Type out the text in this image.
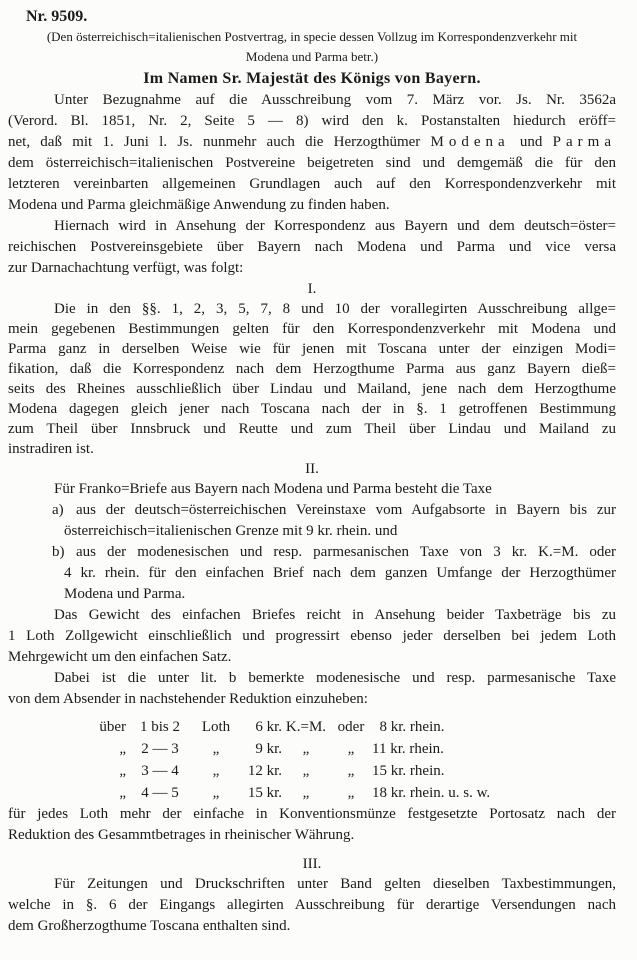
Nr. 9509.
(Den österreichisch=italienischen Postvertrag, in specie dessen Vollzug im Korrespondenzverkehr mit
Modena und Parma betr.)
Im Namen Sr. Majestät des Königs von Bayern.
Unter Bezugnahme auf die Ausschreibung vom 7. März vor. Js. Nr. 3562a
(Verord. Bl. 1851, Nr. 2, Seite 5 — 8) wird den k. Postanstalten hiedurch eröff=
net, daß mit 1. Juni l. Js. nunmehr auch die Herzogthümer Modena und Parma
dem österreichisch=italienischen Postvereine beigetreten sind und demgemäß die für den
letzteren vereinbarten allgemeinen Grundlagen auch auf den Korrespondenzverkehr mit
Modena und Parma gleichmäßige Anwendung zu finden haben.
Hiernach wird in Ansehung der Korrespondenz aus Bayern und dem deutsch=öster=
reichischen Postvereinsgebiete über Bayern nach Modena und Parma und vice versa
zur Darnachachtung verfügt, was folgt:
I.
Die in den §§. 1, 2, 3, 5, 7, 8 und 10 der vorallegirten Ausschreibung allge=
mein gegebenen Bestimmungen gelten für den Korrespondenzverkehr mit Modena und
Parma ganz in derselben Weise wie für jenen mit Toscana unter der einzigen Modi=
fikation, daß die Korrespondenz nach dem Herzogthume Parma aus ganz Bayern dieß=
seits des Rheines ausschließlich über Lindau und Mailand, jene nach dem Herzogthume
Modena dagegen gleich jener nach Toscana nach der in §. 1 getroffenen Bestimmung
zum Theil über Innsbruck und Reutte und zum Theil über Lindau und Mailand zu
instradiren ist.
II.
Für Franko=Briefe aus Bayern nach Modena und Parma besteht die Taxe
a) aus der deutsch=österreichischen Vereinstaxe vom Aufgabsorte in Bayern bis zur
österreichisch=italienischen Grenze mit 9 kr. rhein. und
b) aus der modenesischen und resp. parmesanischen Taxe von 3 kr. K.=M. oder
4 kr. rhein. für den einfachen Brief nach dem ganzen Umfange der Herzogthümer
Modena und Parma.
Das Gewicht des einfachen Briefes reicht in Ansehung beider Taxbeträge bis zu
1 Loth Zollgewicht einschließlich und progressirt ebenso jeder derselben bei jedem Loth
Mehrgewicht um den einfachen Satz.
Dabei ist die unter lit. b bemerkte modenesische und resp. parmesanische Taxe
von dem Absender in nachstehender Reduktion einzuheben:
über 1 bis 2	Loth	6 kr. K.=M. oder 8 kr. rhein.
„	2 — 3	„	9 kr.	„	„	11 kr. rhein.
„	3 — 4	„	12 kr.	„	„	15 kr. rhein.
„	4 — 5	„	15 kr.	„	„	18 kr. rhein. u. s. w.
für jedes Loth mehr der einfache in Konventionsmünze festgesetzte Portosatz nach der
Reduktion des Gesammtbetrages in rheinischer Währung.
III.
Für Zeitungen und Druckschriften unter Band gelten dieselben Taxbestimmungen,
welche in §. 6 der Eingangs allegirten Ausschreibung für derartige Versendungen nach
dem Großherzogthume Toscana enthalten sind.
